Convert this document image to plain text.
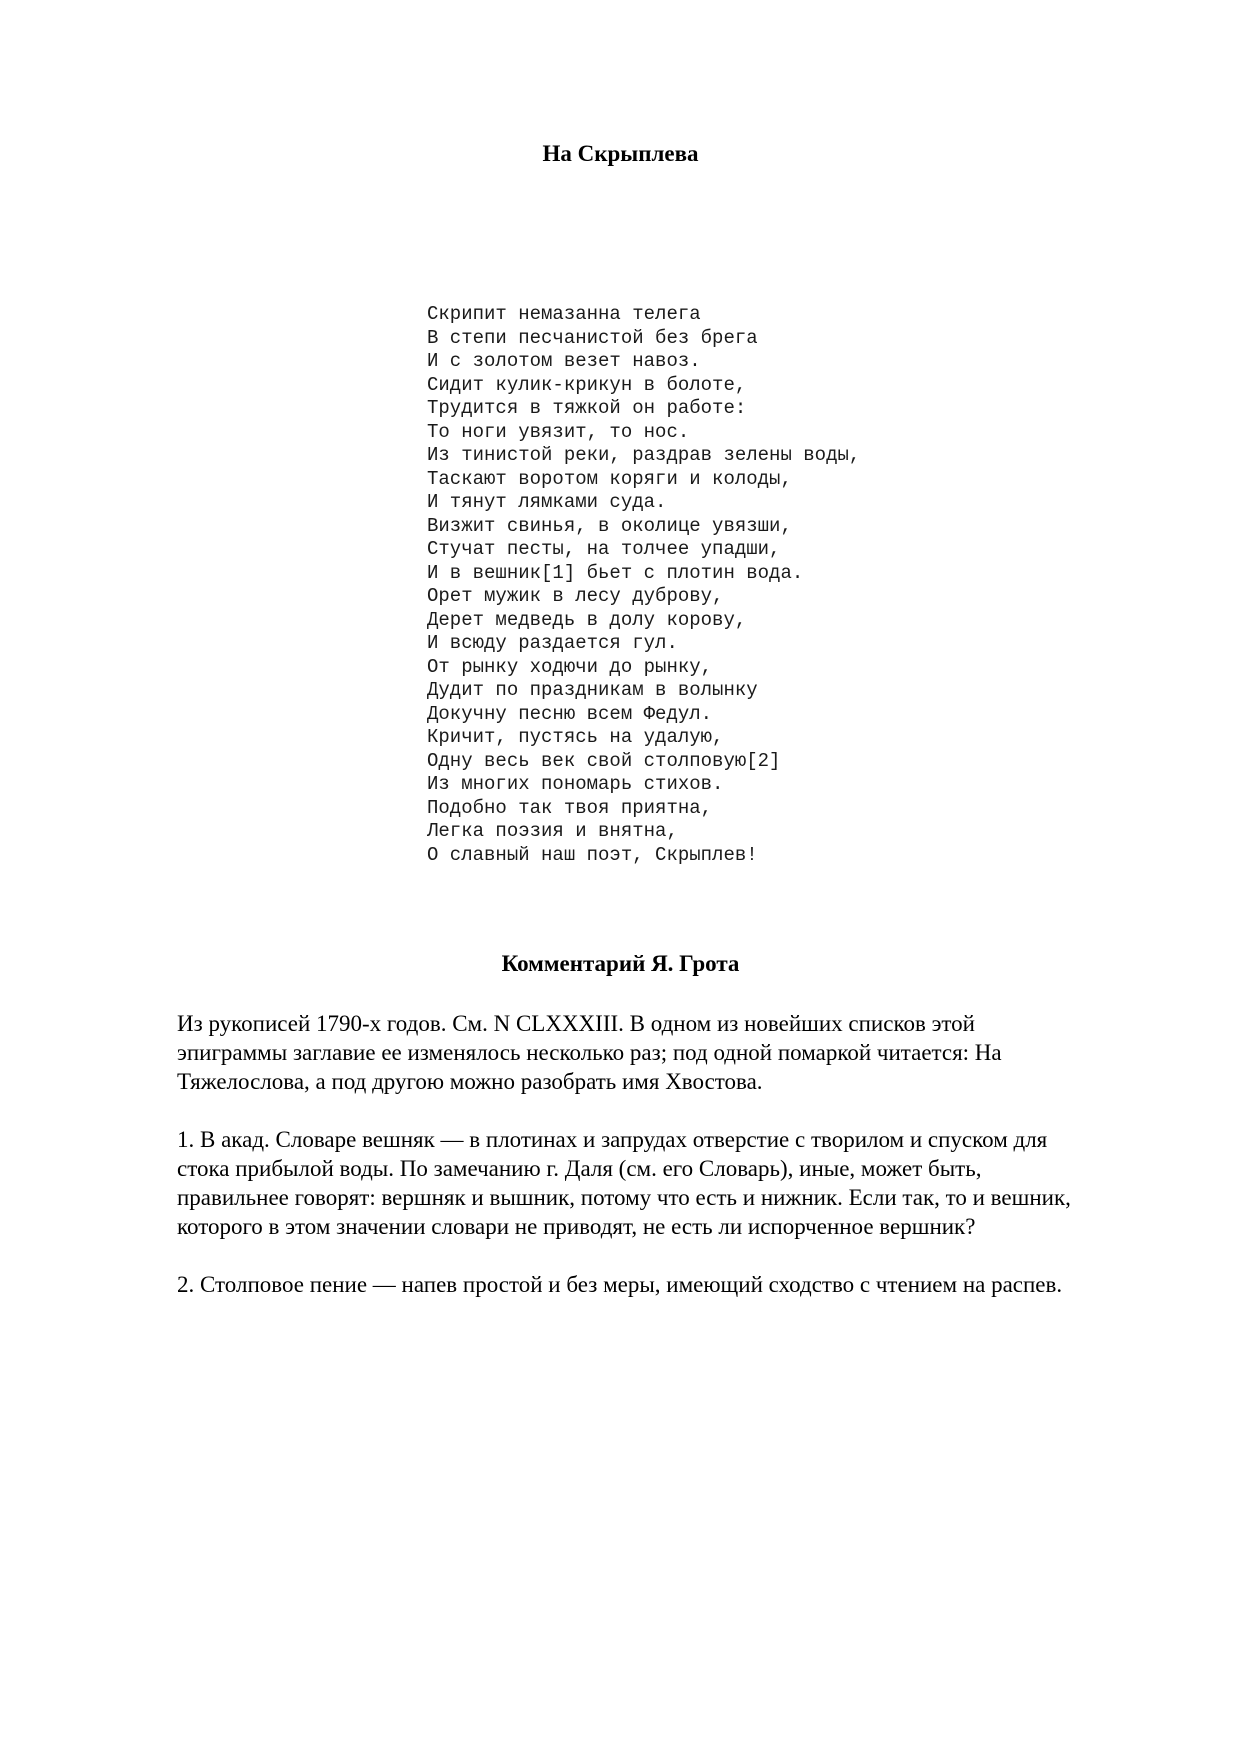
На Скрыплева
Скрипит немазанна телега
В степи песчанистой без брега
И с золотом везет навоз.
Сидит кулик-крикун в болоте,
Трудится в тяжкой он работе:
То ноги увязит, то нос.
Из тинистой реки, раздрав зелены воды,
Таскают воротом коряги и колоды,
И тянут лямками суда.
Визжит свинья, в околице увязши,
Стучат песты, на толчее упадши,
И в вешник[1] бьет с плотин вода.
Орет мужик в лесу дуброву,
Дерет медведь в долу корову,
И всюду раздается гул.
От рынку ходючи до рынку,
Дудит по праздникам в волынку
Докучну песню всем Федул.
Кричит, пустясь на удалую,
Одну весь век свой столповую[2]
Из многих пономарь стихов.
Подобно так твоя приятна,
Легка поэзия и внятна,
О славный наш поэт, Скрыплев!
Комментарий Я. Грота

Из рукописей 1790-х годов. См. N CLXXXIII. В одном из новейших списков этой
эпиграммы заглавие ее изменялось несколько раз; под одной помаркой читается: На
Тяжелослова, а под другою можно разобрать имя Хвостова.

1. В акад. Словаре вешняк — в плотинах и запрудах отверстие с творилом и спуском для
стока прибылой воды. По замечанию г. Даля (см. его Словарь), иные, может быть,
правильнее говорят: вершняк и вышник, потому что есть и нижник. Если так, то и вешник,
которого в этом значении словари не приводят, не есть ли испорченное вершник?

2. Столповое пение — напев простой и без меры, имеющий сходство с чтением на распев.
